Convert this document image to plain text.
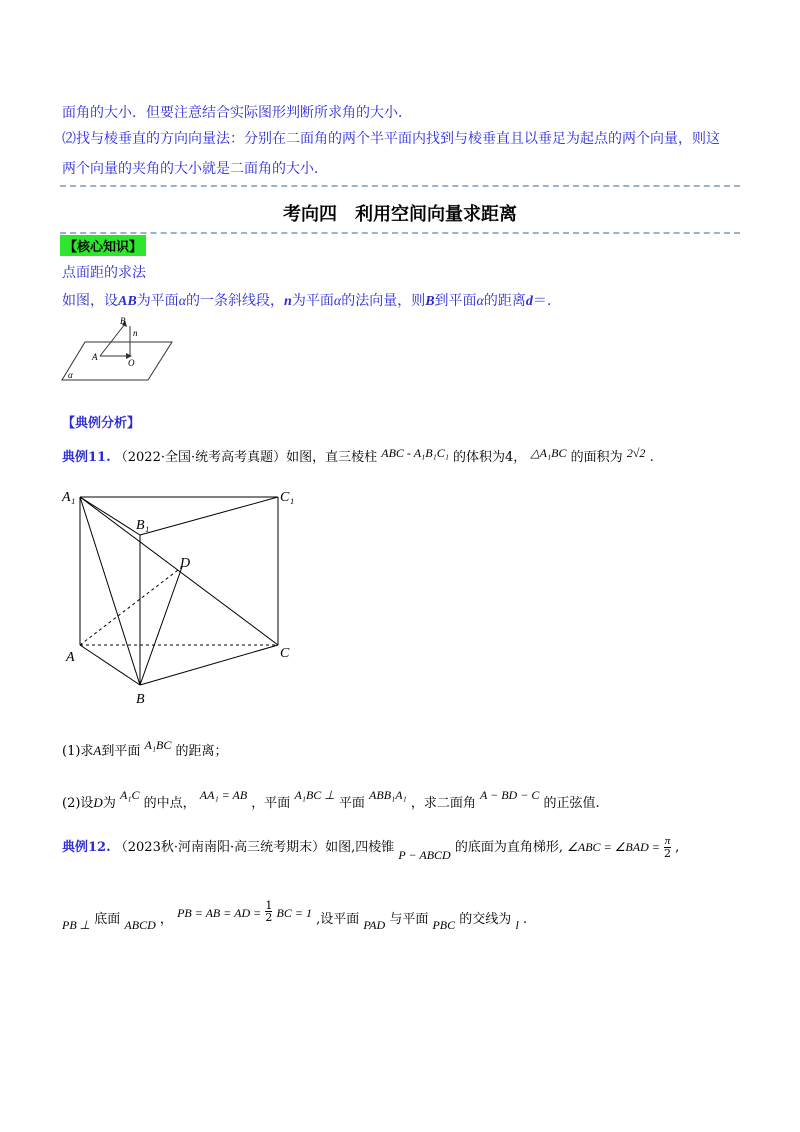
面角的大小．但要注意结合实际图形判断所求角的大小．
⑵找与棱垂直的方向向量法：分别在二面角的两个半平面内找到与棱垂直且以垂足为起点的两个向量，则这
两个向量的夹角的大小就是二面角的大小．
考向四　利用空间向量求距离
【核心知识】
点面距的求法
如图，设AB为平面α的一条斜线段，n为平面α的法向量，则B到平面α的距离d＝.
B
n
A
O
α
【典例分析】
典例11. （2022·全国·统考高考真题）如图，直三棱柱 ABC - A₁B₁C₁ 的体积为4， △A₁BC 的面积为 2√2 .
A₁	C₁
B₁
D
A	C
B
(1)求A到平面 A₁BC 的距离；
(2)设D为 A₁C 的中点， AA₁ = AB ，平面 A₁BC ⊥ 平面 ABB₁A₁ ，求二面角 A − BD − C 的正弦值.
典例12. （2023秋·河南南阳·高三统考期末）如图,四棱锥 P − ABCD 的底面为直角梯形, ∠ABC = ∠BAD = $\frac{\pi}{2}$ ,
PB ⊥ 底面 ABCD ， PB = AB = AD = $\frac{1}{2}$ BC = 1 ,设平面 PAD 与平面 PBC 的交线为 l .
